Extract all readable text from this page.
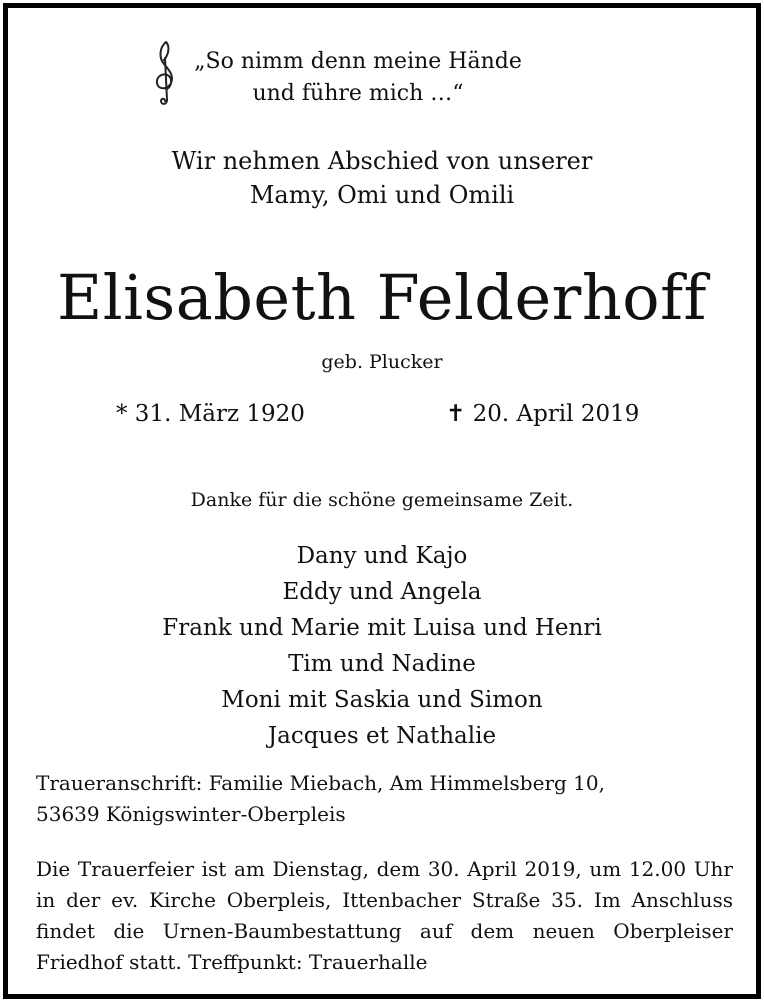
„So nimm denn meine Hände
und führe mich …“
Wir nehmen Abschied von unserer
Mamy, Omi und Omili
Elisabeth Felderhoff
geb. Plucker
* 31. März 1920	✝ 20. April 2019
Danke für die schöne gemeinsame Zeit.
Dany und Kajo
Eddy und Angela
Frank und Marie mit Luisa und Henri
Tim und Nadine
Moni mit Saskia und Simon
Jacques et Nathalie
Traueranschrift: Familie Miebach, Am Himmelsberg 10,
53639 Königswinter-Oberpleis
Die Trauerfeier ist am Dienstag, dem 30. April 2019, um 12.00 Uhr in der ev. Kirche Oberpleis, Ittenbacher Straße 35. Im Anschluss findet die Urnen-Baumbestattung auf dem neuen Oberpleiser Friedhof statt. Treffpunkt: Trauerhalle
